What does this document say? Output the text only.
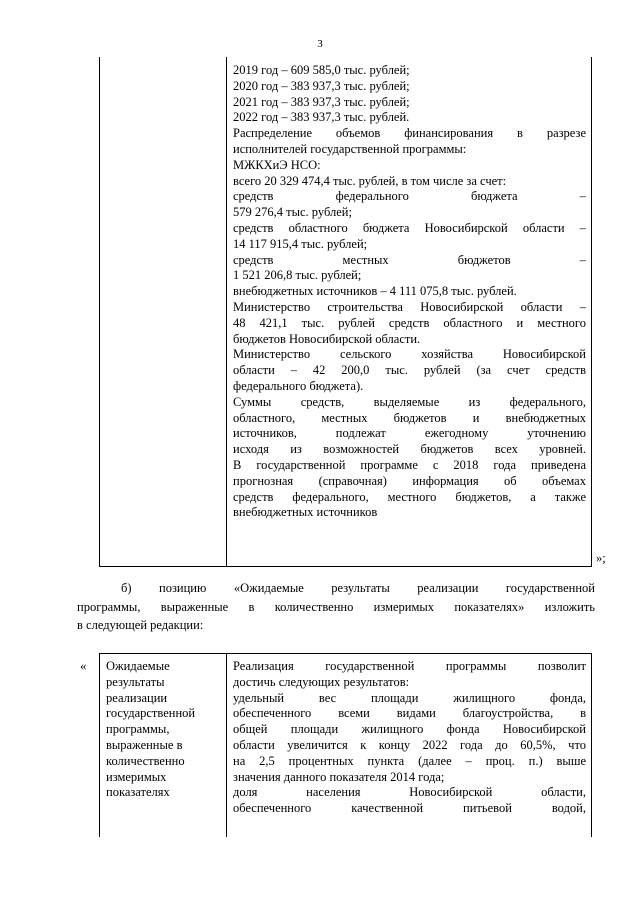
3
2019 год – 609 585,0 тыс. рублей;
2020 год – 383 937,3 тыс. рублей;
2021 год – 383 937,3 тыс. рублей;
2022 год – 383 937,3 тыс. рублей.
Распределение объемов финансирования в разрезе
исполнителей государственной программы:
МЖКХиЭ НСО:
всего 20 329 474,4 тыс. рублей, в том числе за счет:
средств федерального бюджета –
579 276,4 тыс. рублей;
средств областного бюджета Новосибирской области –
14 117 915,4 тыс. рублей;
средств местных бюджетов –
1 521 206,8 тыс. рублей;
внебюджетных источников – 4 111 075,8 тыс. рублей.
Министерство строительства Новосибирской области –
48 421,1 тыс. рублей средств областного и местного
бюджетов Новосибирской области.
Министерство сельского хозяйства Новосибирской
области – 42 200,0 тыс. рублей (за счет средств
федерального бюджета).
Суммы средств, выделяемые из федерального,
областного, местных бюджетов и внебюджетных
источников, подлежат ежегодному уточнению
исходя из возможностей бюджетов всех уровней.
В государственной программе с 2018 года приведена
прогнозная (справочная) информация об объемах
средств федерального, местного бюджетов, а также
внебюджетных источников
»;
б) позицию «Ожидаемые результаты реализации государственной
программы, выраженные в количественно измеримых показателях» изложить
в следующей редакции:
« Ожидаемые
результаты
реализации
государственной
программы,
выраженные в
количественно
измеримых
показателях
Реализация государственной программы позволит
достичь следующих результатов:
удельный вес площади жилищного фонда,
обеспеченного всеми видами благоустройства, в
общей площади жилищного фонда Новосибирской
области увеличится к концу 2022 года до 60,5%, что
на 2,5 процентных пункта (далее – проц. п.) выше
значения данного показателя 2014 года;
доля населения Новосибирской области,
обеспеченного качественной питьевой водой,
